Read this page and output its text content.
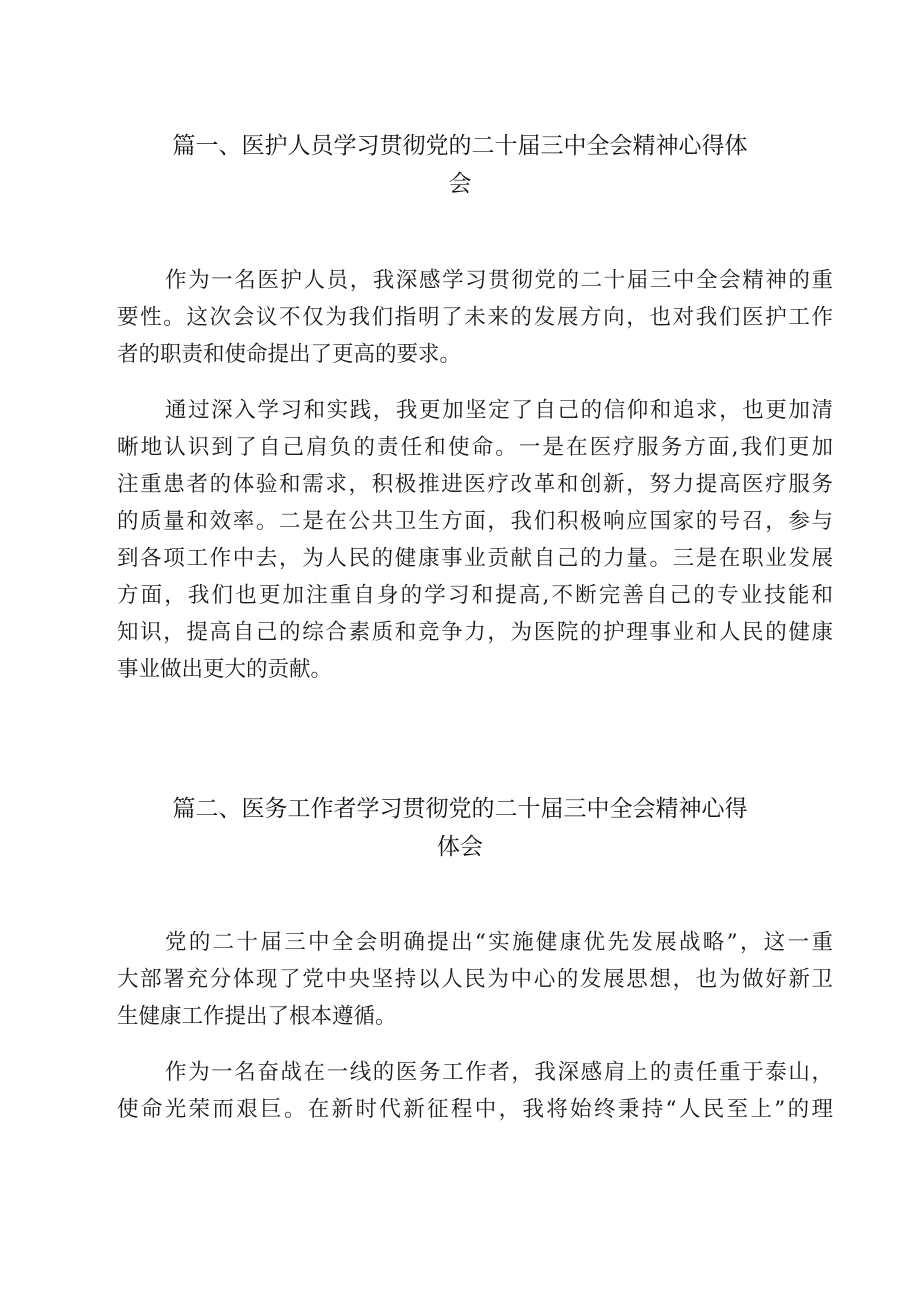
篇一、医护人员学习贯彻党的二十届三中全会精神心得体
会

作为一名医护人员，我深感学习贯彻党的二十届三中全会精神的重
要性。这次会议不仅为我们指明了未来的发展方向，也对我们医护工作
者的职责和使命提出了更高的要求。

通过深入学习和实践，我更加坚定了自己的信仰和追求，也更加清
晰地认识到了自己肩负的责任和使命。一是在医疗服务方面,我们更加
注重患者的体验和需求，积极推进医疗改革和创新，努力提高医疗服务
的质量和效率。二是在公共卫生方面，我们积极响应国家的号召，参与
到各项工作中去，为人民的健康事业贡献自己的力量。三是在职业发展
方面，我们也更加注重自身的学习和提高,不断完善自己的专业技能和
知识，提高自己的综合素质和竞争力，为医院的护理事业和人民的健康
事业做出更大的贡献。

篇二、医务工作者学习贯彻党的二十届三中全会精神心得
体会

党的二十届三中全会明确提出“实施健康优先发展战略”，这一重
大部署充分体现了党中央坚持以人民为中心的发展思想，也为做好新卫
生健康工作提出了根本遵循。

作为一名奋战在一线的医务工作者，我深感肩上的责任重于泰山，
使命光荣而艰巨。在新时代新征程中，我将始终秉持“人民至上”的理
